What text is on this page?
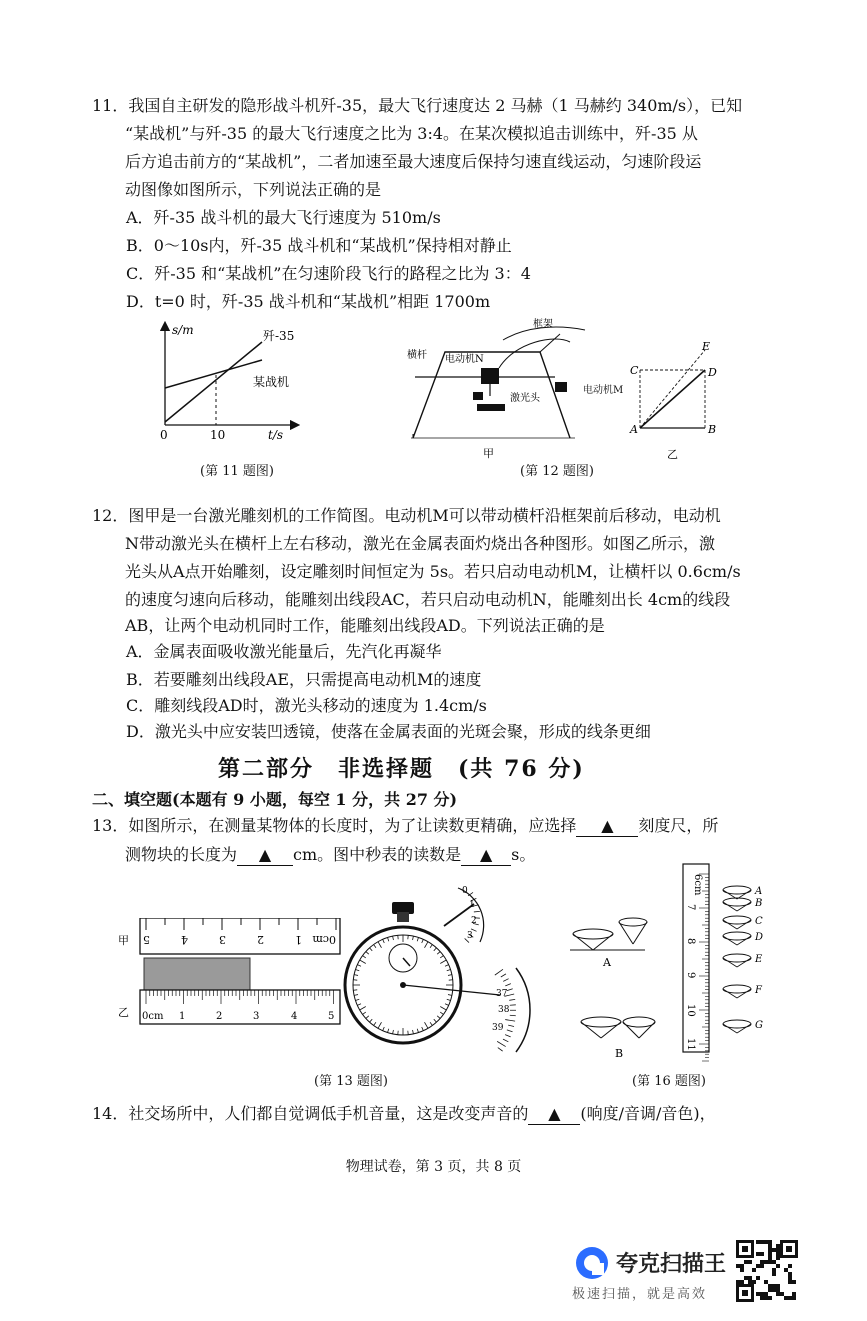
11．我国自主研发的隐形战斗机歼-35，最大飞行速度达 2 马赫（1 马赫约 340m/s），已知
“某战机”与歼-35 的最大飞行速度之比为 3:4。在某次模拟追击训练中，歼-35 从
后方追击前方的“某战机”，二者加速至最大速度后保持匀速直线运动，匀速阶段运
动图像如图所示，下列说法正确的是
A．歼-35 战斗机的最大飞行速度为 510m/s
B．0～10s内，歼-35 战斗机和“某战机”保持相对静止
C．歼-35 和“某战机”在匀速阶段飞行的路程之比为 3：4
D．t=0 时，歼-35 战斗机和“某战机”相距 1700m
s/m
t/s
0	10
歼-35
某战机
(第 11 题图)
框架
横杆 电动机N
激光头
甲
电动机M
(第 12 题图)
A	B
C	D
E
乙
12．图甲是一台激光雕刻机的工作简图。电动机M可以带动横杆沿框架前后移动，电动机
N带动激光头在横杆上左右移动，激光在金属表面灼烧出各种图形。如图乙所示，激
光头从A点开始雕刻，设定雕刻时间恒定为 5s。若只启动电动机M，让横杆以 0.6cm/s
的速度匀速向后移动，能雕刻出线段AC，若只启动电动机N，能雕刻出长 4cm的线段
AB，让两个电动机同时工作，能雕刻出线段AD。下列说法正确的是
A．金属表面吸收激光能量后，先汽化再凝华
B．若要雕刻出线段AE，只需提高电动机M的速度
C．雕刻线段AD时，激光头移动的速度为 1.4cm/s
D．激光头中应安装凹透镜，使落在金属表面的光斑会聚，形成的线条更细
第二部分　非选择题　(共 76 分)
二、填空题(本题有 9 小题，每空 1 分，共 27 分)
13．如图所示，在测量某物体的长度时，为了让读数更精确，应选择 ▲ 刻度尺，所
测物块的长度为 ▲ cm。图中秒表的读数是 ▲ s。
5	4	3	2	1 0cm
甲
乙 0cm 1	2	3	4	5
0
1
2
3
37
38
39
(第 13 题图)
A
B
6cm
7
8
9
10
11
A
B
C
D
E
F
G
(第 16 题图)
14．社交场所中，人们都自觉调低手机音量，这是改变声音的 ▲ (响度/音调/音色)，
物理试卷，第 3 页，共 8 页
夸克扫描王
极速扫描，就是高效
